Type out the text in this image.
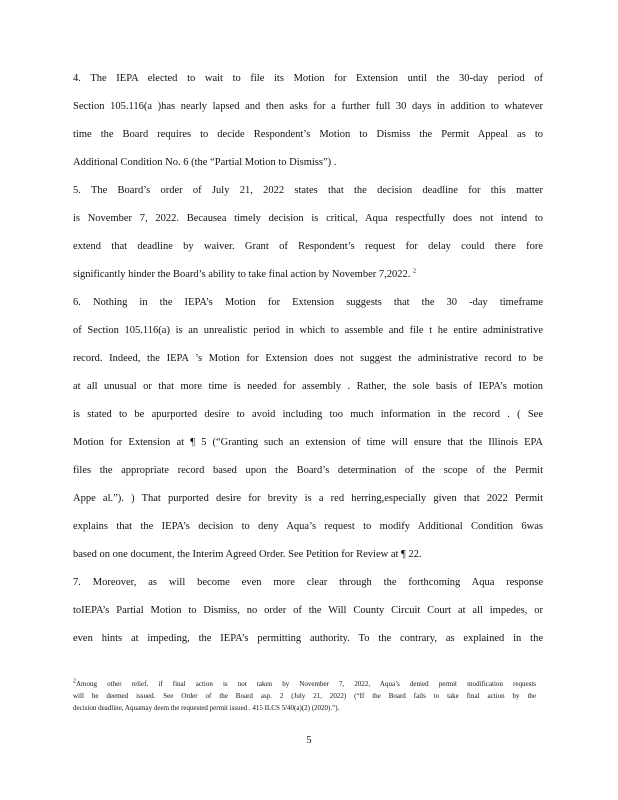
4. The IEPA elected to wait to file its Motion for Extension until the 30-day period of
Section 105.116(a )has nearly lapsed and then asks for a further full 30 days in addition to whatever
time the Board requires to decide Respondent’s Motion to Dismiss the Permit Appeal as to
Additional Condition No. 6 (the “Partial Motion to Dismiss”) .
5. The Board’s order of July 21, 2022 states that the decision deadline for this matter
is November 7, 2022. Becausea timely decision is critical, Aqua respectfully does not intend to
extend that deadline by waiver. Grant of Respondent’s request for delay could there fore
significantly hinder the Board’s ability to take final action by November 7,2022. $^2$
6. Nothing in the IEPA’s Motion for Extension suggests that the 30 -day timeframe
of Section 105.116(a) is an unrealistic period in which to assemble and file t he entire administrative
record. Indeed, the IEPA ’s Motion for Extension does not suggest the administrative record to be
at all unusual or that more time is needed for assembly . Rather, the sole basis of IEPA’s motion
is stated to be apurported desire to avoid including too much information in the record . ( See
Motion for Extension at ¶ 5 (“Granting such an extension of time will ensure that the Illinois EPA
files the appropriate record based upon the Board’s determination of the scope of the Permit
Appe al.”). ) That purported desire for brevity is a red herring,especially given that 2022 Permit
explains that the IEPA’s decision to deny Aqua’s request to modify Additional Condition 6was
based on one document, the Interim Agreed Order. See Petition for Review at ¶ 22.
7. Moreover, as will become even more clear through the forthcoming Aqua response
toIEPA’s Partial Motion to Dismiss, no order of the Will County Circuit Court at all impedes, or
even hints at impeding, the IEPA’s permitting authority. To the contrary, as explained in the
$^2$Among other relief, if final action is not taken by November 7, 2022, Aqua’s denied permit modification requests
will be deemed issued. See Order of the Board asp. 2 (July 21, 2022) (“If the Board fails to take final action by the
decision deadline, Aquamay deem the requested permit issued . 415 ILCS 5/40(a)(2) (2020).”).
5
